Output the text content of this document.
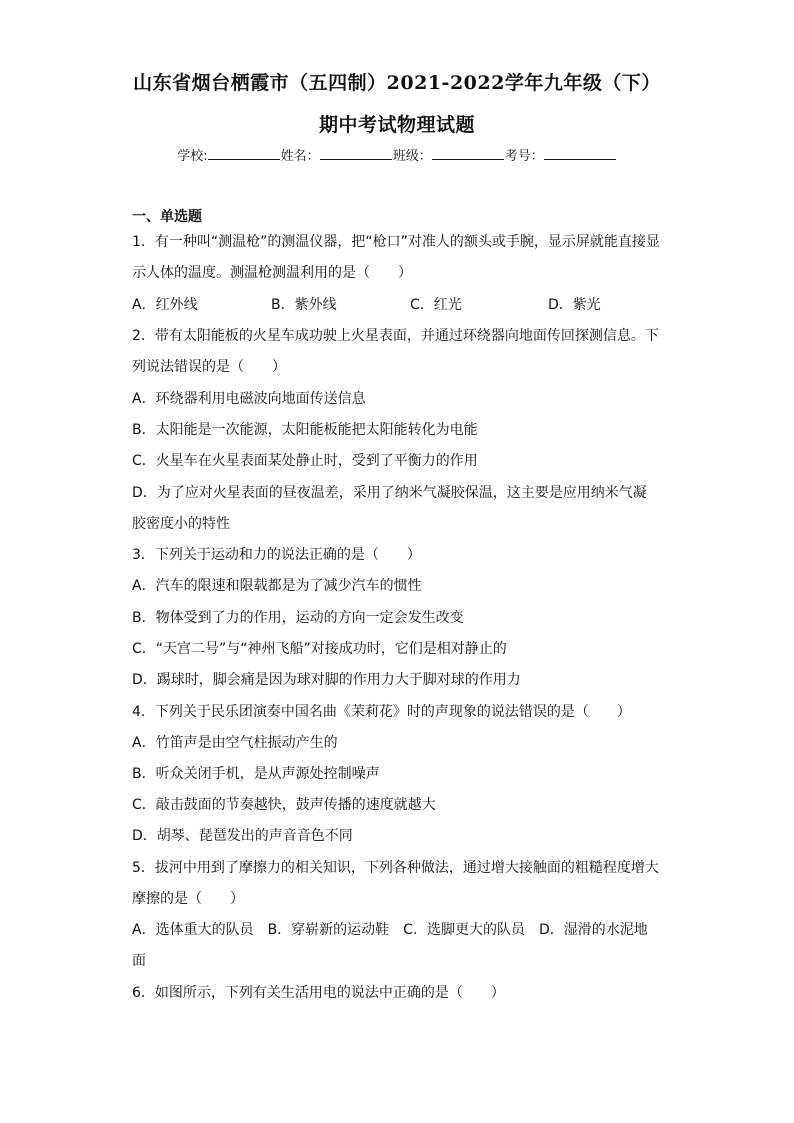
山东省烟台栖霞市（五四制）2021-2022学年九年级（下）
期中考试物理试题
学校:	姓名：	班级：	考号：
一、单选题
1．有一种叫“测温枪”的测温仪器，把“枪口”对准人的额头或手腕，显示屏就能直接显
示人体的温度。测温枪测温利用的是（　　）
A．红外线	B．紫外线	C．红光	D．紫光
2．带有太阳能板的火星车成功驶上火星表面，并通过环绕器向地面传回探测信息。下
列说法错误的是（　　）
A．环绕器利用电磁波向地面传送信息
B．太阳能是一次能源，太阳能板能把太阳能转化为电能
C．火星车在火星表面某处静止时，受到了平衡力的作用
D．为了应对火星表面的昼夜温差，采用了纳米气凝胶保温，这主要是应用纳米气凝
胶密度小的特性
3．下列关于运动和力的说法正确的是（　　）
A．汽车的限速和限载都是为了减少汽车的惯性
B．物体受到了力的作用，运动的方向一定会发生改变
C．“天宫二号”与“神州飞船”对接成功时，它们是相对静止的
D．踢球时，脚会痛是因为球对脚的作用力大于脚对球的作用力
4．下列关于民乐团演奏中国名曲《茉莉花》时的声现象的说法错误的是（　　）
A．竹笛声是由空气柱振动产生的
B．听众关闭手机，是从声源处控制噪声
C．敲击鼓面的节奏越快，鼓声传播的速度就越大
D．胡琴、琵琶发出的声音音色不同
5．拔河中用到了摩擦力的相关知识，下列各种做法，通过增大接触面的粗糙程度增大
摩擦的是（　　）
A．选体重大的队员　B．穿崭新的运动鞋　C．选脚更大的队员　D．湿滑的水泥地
面
6．如图所示，下列有关生活用电的说法中正确的是（　　）
